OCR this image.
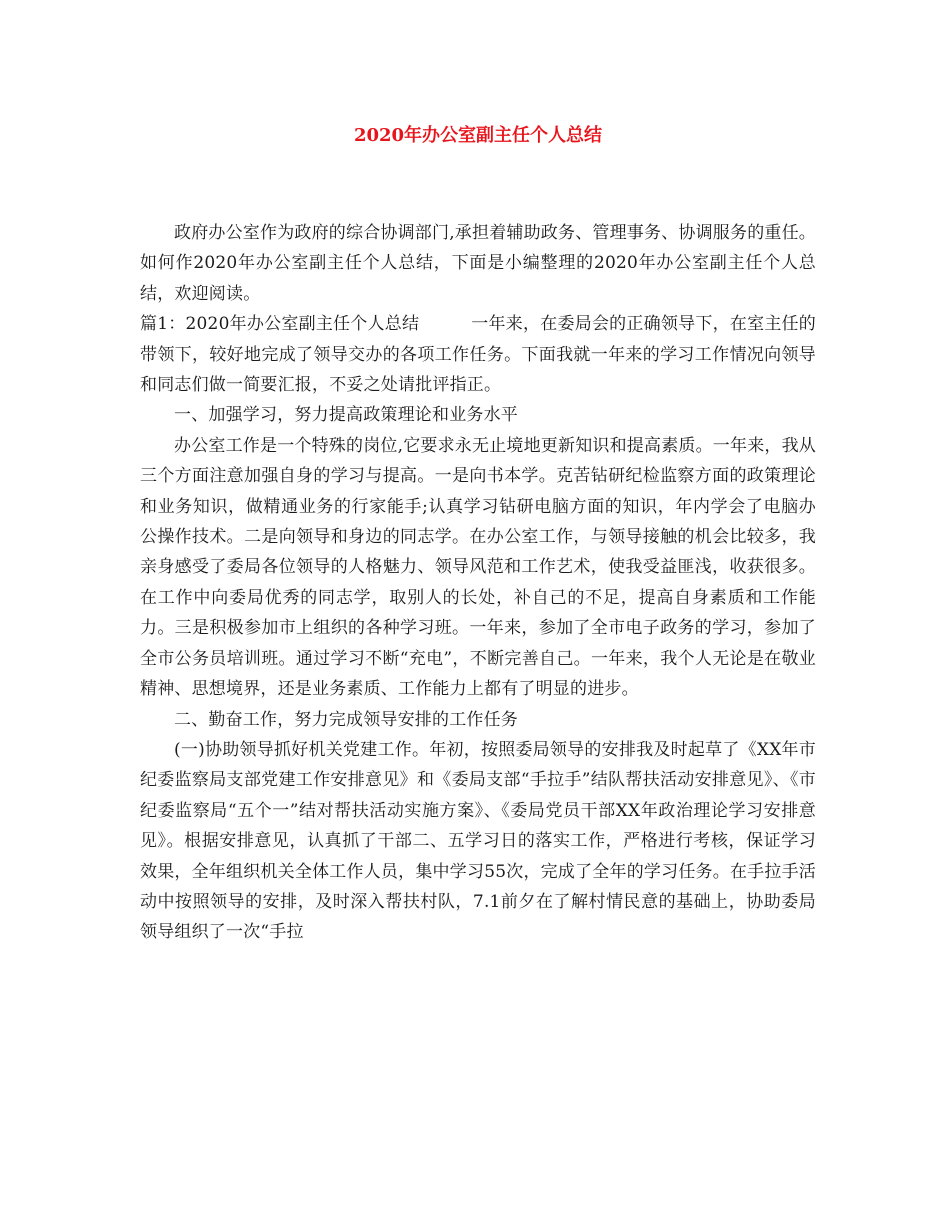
2020年办公室副主任个人总结

政府办公室作为政府的综合协调部门,承担着辅助政务、管理事务、协调服务的重任。如何作2020年办公室副主任个人总结，下面是小编整理的2020年办公室副主任个人总结，欢迎阅读。

篇1：2020年办公室副主任个人总结	一年来，在委局会的正确领导下，在室主任的带领下，较好地完成了领导交办的各项工作任务。下面我就一年来的学习工作情况向领导和同志们做一简要汇报，不妥之处请批评指正。

一、加强学习，努力提高政策理论和业务水平

办公室工作是一个特殊的岗位,它要求永无止境地更新知识和提高素质。一年来，我从三个方面注意加强自身的学习与提高。一是向书本学。克苦钻研纪检监察方面的政策理论和业务知识，做精通业务的行家能手;认真学习钻研电脑方面的知识，年内学会了电脑办公操作技术。二是向领导和身边的同志学。在办公室工作，与领导接触的机会比较多，我亲身感受了委局各位领导的人格魅力、领导风范和工作艺术，使我受益匪浅，收获很多。在工作中向委局优秀的同志学，取别人的长处，补自己的不足，提高自身素质和工作能力。三是积极参加市上组织的各种学习班。一年来，参加了全市电子政务的学习，参加了全市公务员培训班。通过学习不断“充电”，不断完善自己。一年来，我个人无论是在敬业精神、思想境界，还是业务素质、工作能力上都有了明显的进步。

二、勤奋工作，努力完成领导安排的工作任务

(一)协助领导抓好机关党建工作。年初，按照委局领导的安排我及时起草了《XX年市纪委监察局支部党建工作安排意见》和《委局支部“手拉手”结队帮扶活动安排意见》、《市纪委监察局“五个一”结对帮扶活动实施方案》、《委局党员干部XX年政治理论学习安排意见》。根据安排意见，认真抓了干部二、五学习日的落实工作，严格进行考核，保证学习效果，全年组织机关全体工作人员，集中学习55次，完成了全年的学习任务。在手拉手活动中按照领导的安排，及时深入帮扶村队，7.1前夕在了解村情民意的基础上，协助委局领导组织了一次“手拉
